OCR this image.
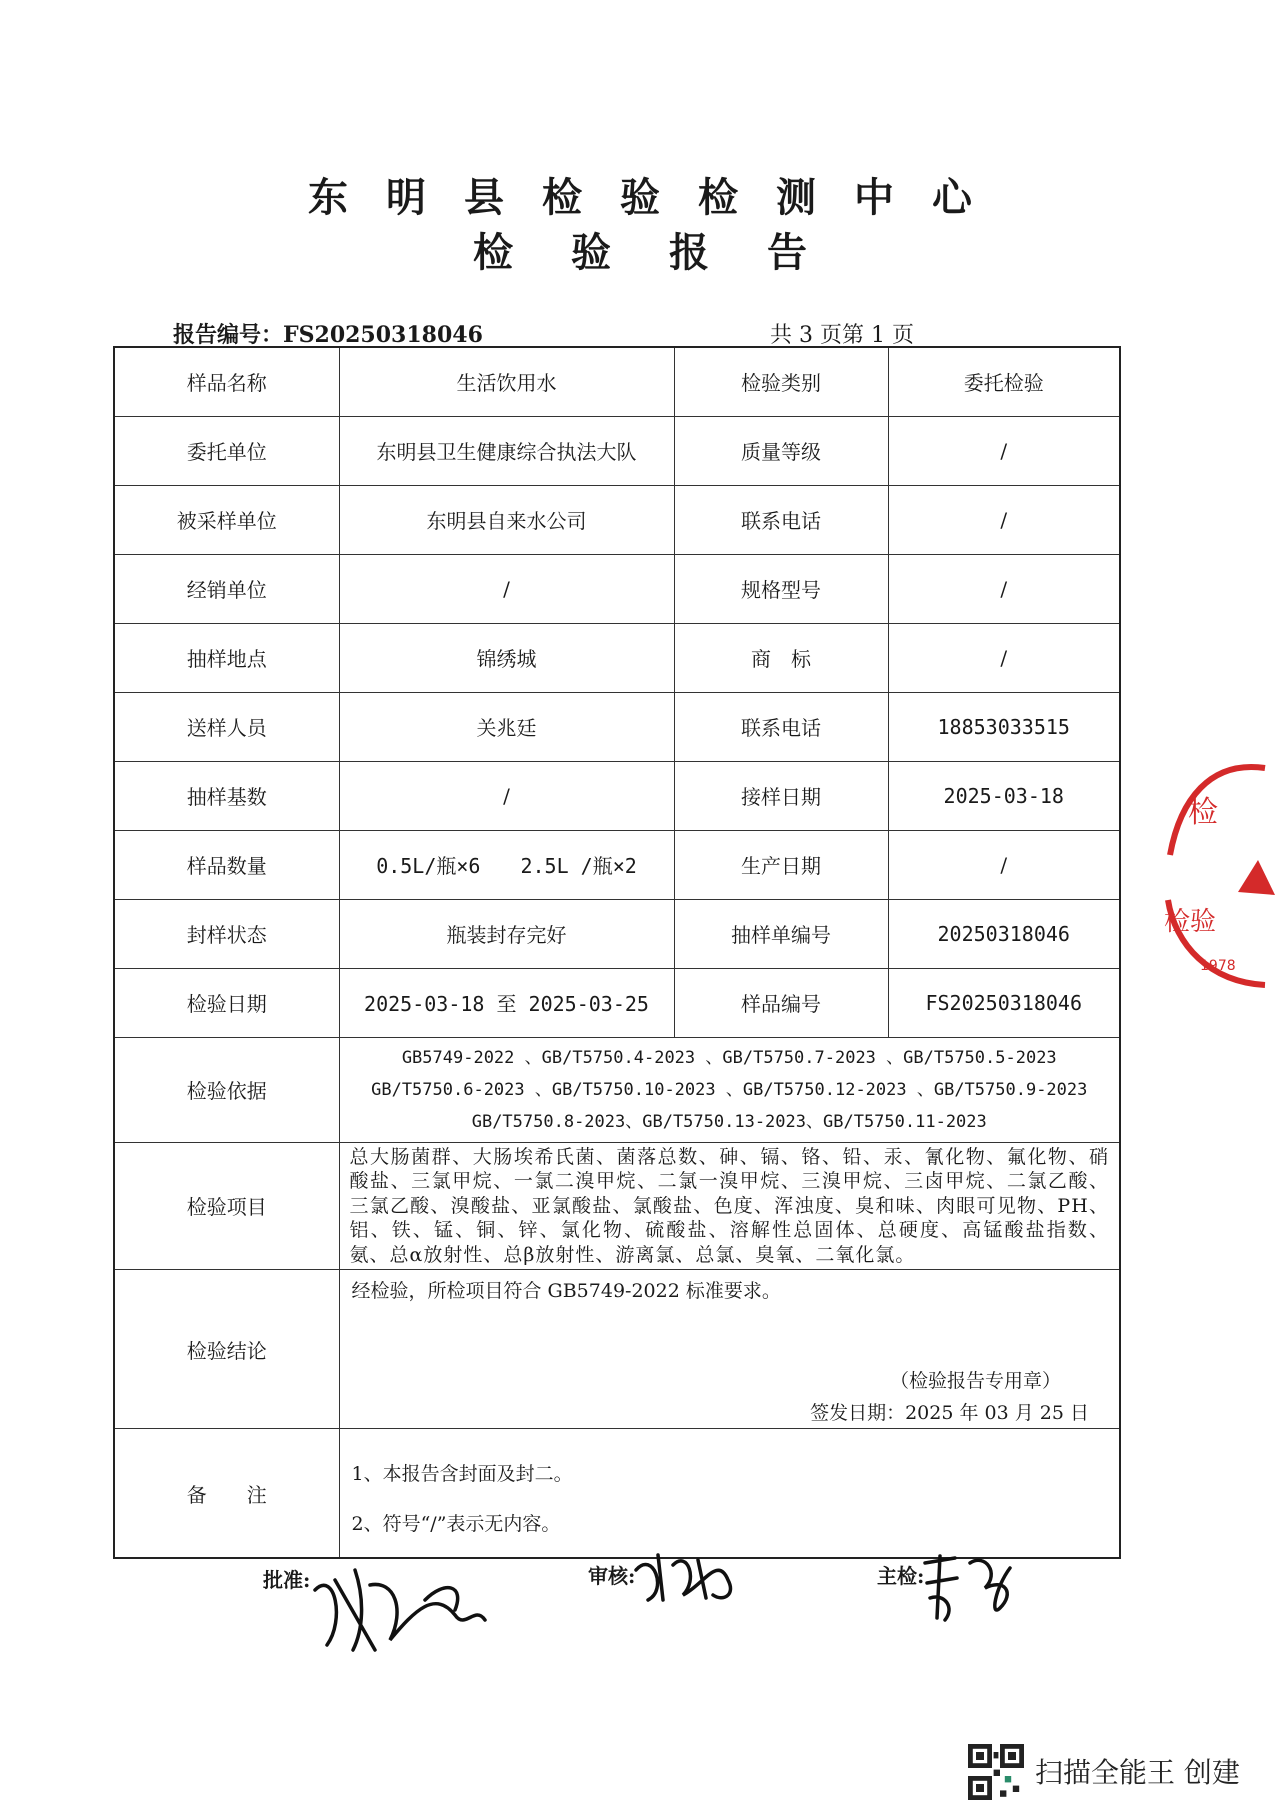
东明县检验检测中心
检验报告
报告编号：FS20250318046	共 3 页第 1 页
样品名称	生活饮用水	检验类别	委托检验
委托单位	东明县卫生健康综合执法大队	质量等级	/
被采样单位	东明县自来水公司	联系电话	/
经销单位	/	规格型号	/
抽样地点	锦绣城	商　标	/
送样人员	关兆廷	联系电话	18853033515
抽样基数	/	接样日期	2025-03-18
样品数量	0.5L/瓶×6　　2.5L /瓶×2	生产日期	/
封样状态	瓶装封存完好	抽样单编号	20250318046
检验日期	2025-03-18 至 2025-03-25	样品编号	FS20250318046
检验依据	GB5749-2022 、GB/T5750.4-2023 、GB/T5750.7-2023 、GB/T5750.5-2023
GB/T5750.6-2023 、GB/T5750.10-2023 、GB/T5750.12-2023 、GB/T5750.9-2023
GB/T5750.8-2023、GB/T5750.13-2023、GB/T5750.11-2023		

检验项目	总大肠菌群、大肠埃希氏菌、菌落总数、砷、镉、铬、铅、汞、氰化物、氟化物、硝酸盐、三氯甲烷、一氯二溴甲烷、二氯一溴甲烷、三溴甲烷、三卤甲烷、二氯乙酸、三氯乙酸、溴酸盐、亚氯酸盐、氯酸盐、色度、浑浊度、臭和味、肉眼可见物、PH、铝、铁、锰、铜、锌、氯化物、硫酸盐、溶解性总固体、总硬度、高锰酸盐指数、氨、总α放射性、总β放射性、游离氯、总氯、臭氧、二氧化氯。		

检验结论	经检验，所检项目符合 GB5749-2022 标准要求。
（检验报告专用章）
签发日期：2025 年 03 月 25 日		

备　　注	1、本报告含封面及封二。
2、符号“/”表示无内容。		
批准:	审核:	主检:
检
检验
1978
扫描全能王 创建
